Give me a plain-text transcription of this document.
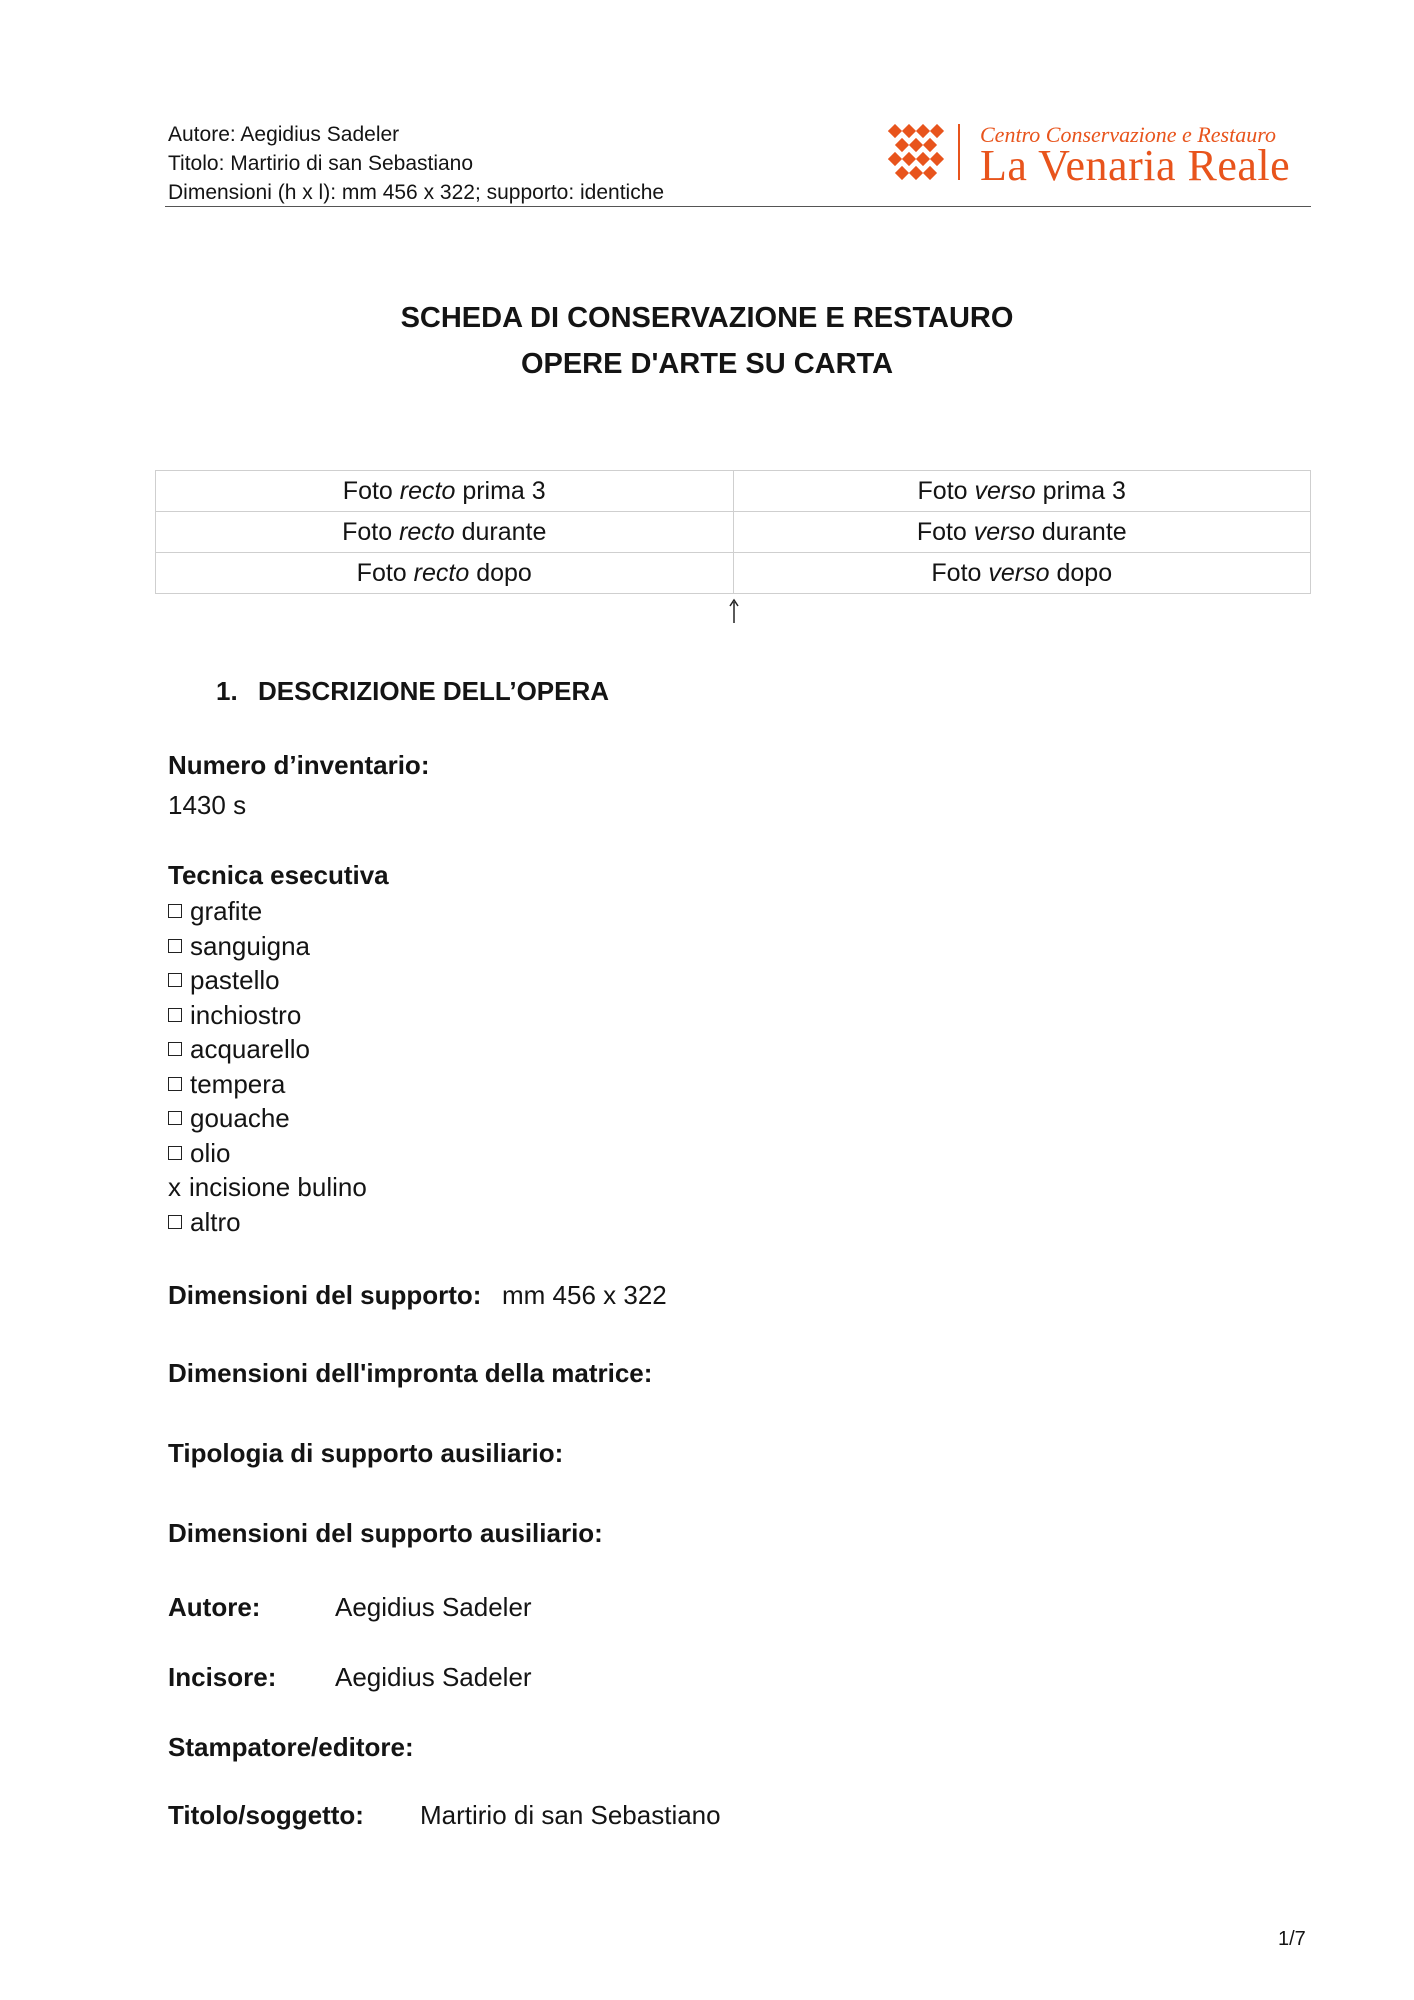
Autore: Aegidius Sadeler
Titolo: Martirio di san Sebastiano
Dimensioni (h x l): mm 456 x 322; supporto: identiche
Centro Conservazione e Restauro
La Venaria Reale
SCHEDA DI CONSERVAZIONE E RESTAURO
OPERE D'ARTE SU CARTA
Foto recto prima 3	Foto verso prima 3
Foto recto durante	Foto verso durante
Foto recto dopo	Foto verso dopo
1. DESCRIZIONE DELL’OPERA
Numero d’inventario:
1430 s
Tecnica esecutiva
grafite
sanguigna
pastello
inchiostro
acquarello
tempera
gouache
olio
x incisione bulino
altro
Dimensioni del supporto: mm 456 x 322
Dimensioni dell'impronta della matrice:
Tipologia di supporto ausiliario:
Dimensioni del supporto ausiliario:
Autore:	Aegidius Sadeler
Incisore: Aegidius Sadeler
Stampatore/editore:
Titolo/soggetto: Martirio di san Sebastiano
1/7
